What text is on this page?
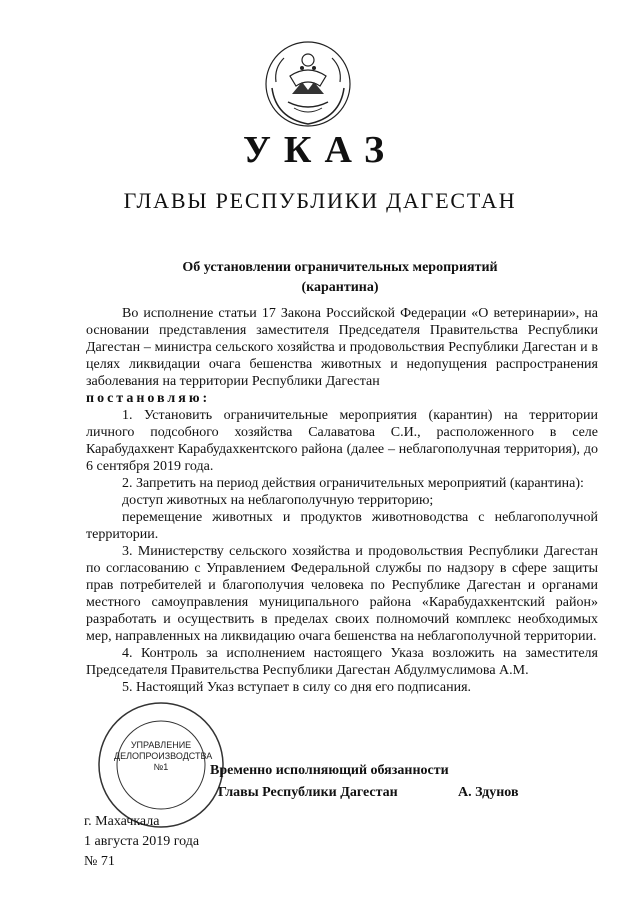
УКАЗ
ГЛАВЫ РЕСПУБЛИКИ ДАГЕСТАН
Об установлении ограничительных мероприятий
(карантина)

Во исполнение статьи 17 Закона Российской Федерации «О ветеринарии», на основании представления заместителя Председателя Правительства Республики Дагестан – министра сельского хозяйства и продовольствия Республики Дагестан и в целях ликвидации очага бешенства животных и недопущения распространения заболевания на территории Республики Дагестан

постановляю:

1. Установить ограничительные мероприятия (карантин) на территории личного подсобного хозяйства Салаватова С.И., расположенного в селе Карабудахкент Карабудахкентского района (далее – неблагополучная территория), до 6 сентября 2019 года.

2. Запретить на период действия ограничительных мероприятий (карантина):

доступ животных на неблагополучную территорию;

перемещение животных и продуктов животноводства с неблагополучной территории.

3. Министерству сельского хозяйства и продовольствия Республики Дагестан по согласованию с Управлением Федеральной службы по надзору в сфере защиты прав потребителей и благополучия человека по Республике Дагестан и органами местного самоуправления муниципального района «Карабудахкентский район» разработать и осуществить в пределах своих полномочий комплекс необходимых мер, направленных на ликвидацию очага бешенства на неблагополучной территории.

4. Контроль за исполнением настоящего Указа возложить на заместителя Председателя Правительства Республики Дагестан Абдулмуслимова А.М.

5. Настоящий Указ вступает в силу со дня его подписания.

УПРАВЛЕНИЕ
ДЕЛОПРОИЗВОДСТВА
№1	Временно исполняющий обязанности
Главы Республики Дагестан	А. Здунов
г. Махачкала
1 августа 2019 года
№ 71
